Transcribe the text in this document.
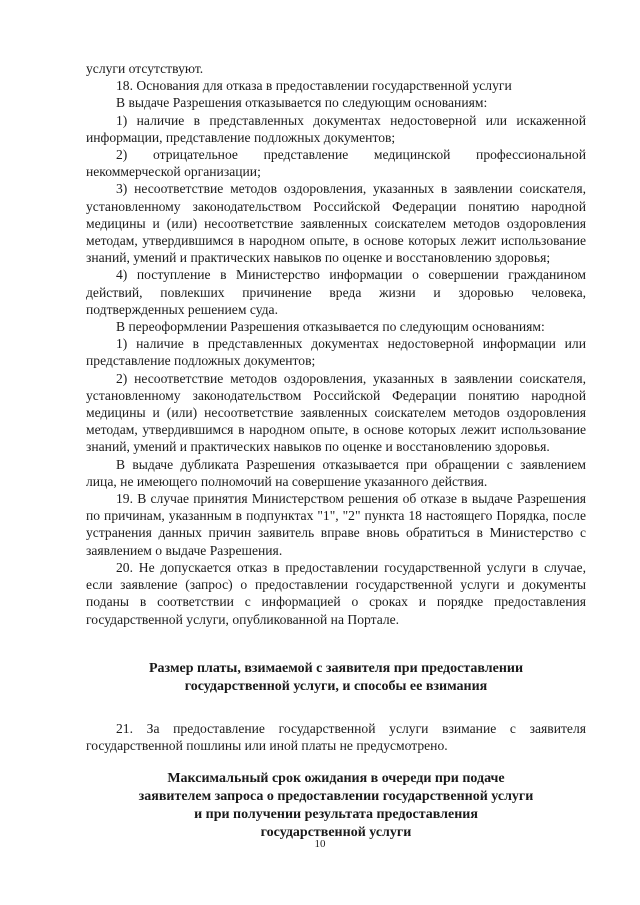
услуги отсутствуют.

18. Основания для отказа в предоставлении государственной услуги

В выдаче Разрешения отказывается по следующим основаниям:

1) наличие в представленных документах недостоверной или искаженной информации, представление подложных документов;

2) отрицательное представление медицинской профессиональной некоммерческой организации;

3) несоответствие методов оздоровления, указанных в заявлении соискателя, установленному законодательством Российской Федерации понятию народной медицины и (или) несоответствие заявленных соискателем методов оздоровления методам, утвердившимся в народном опыте, в основе которых лежит использование знаний, умений и практических навыков по оценке и восстановлению здоровья;

4) поступление в Министерство информации о совершении гражданином действий, повлекших причинение вреда жизни и здоровью человека, подтвержденных решением суда.

В переоформлении Разрешения отказывается по следующим основаниям:

1) наличие в представленных документах недостоверной информации или представление подложных документов;

2) несоответствие методов оздоровления, указанных в заявлении соискателя, установленному законодательством Российской Федерации понятию народной медицины и (или) несоответствие заявленных соискателем методов оздоровления методам, утвердившимся в народном опыте, в основе которых лежит использование знаний, умений и практических навыков по оценке и восстановлению здоровья.

В выдаче дубликата Разрешения отказывается при обращении с заявлением лица, не имеющего полномочий на совершение указанного действия.

19. В случае принятия Министерством решения об отказе в выдаче Разрешения по причинам, указанным в подпунктах "1", "2" пункта 18 настоящего Порядка, после устранения данных причин заявитель вправе вновь обратиться в Министерство с заявлением о выдаче Разрешения.

20. Не допускается отказ в предоставлении государственной услуги в случае, если заявление (запрос) о предоставлении государственной услуги и документы поданы в соответствии с информацией о сроках и порядке предоставления государственной услуги, опубликованной на Портале.

Размер платы, взимаемой с заявителя при предоставлении
государственной услуги, и способы ее взимания

21. За предоставление государственной услуги взимание с заявителя государственной пошлины или иной платы не предусмотрено.

Максимальный срок ожидания в очереди при подаче
заявителем запроса о предоставлении государственной услуги
и при получении результата предоставления
государственной услуги
10
